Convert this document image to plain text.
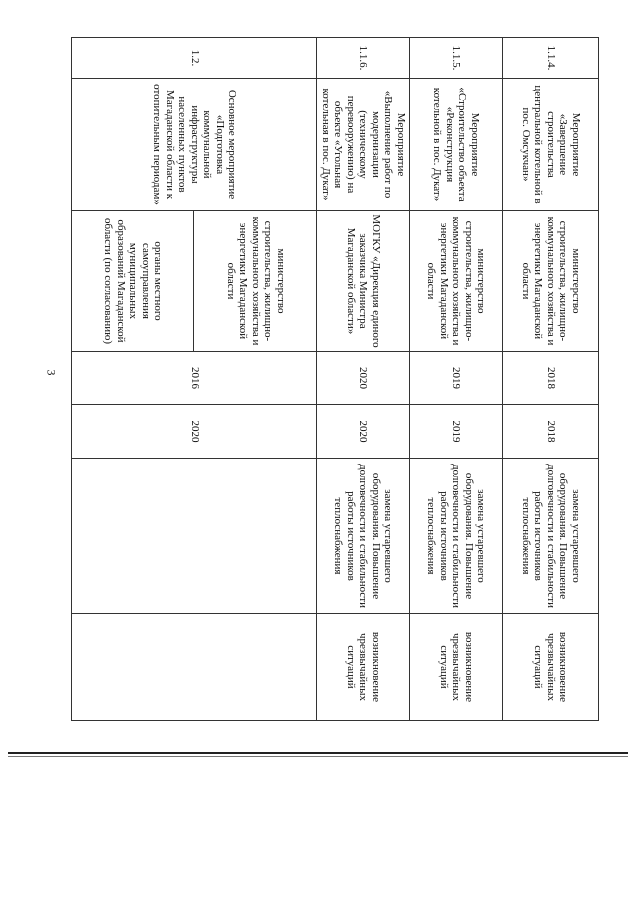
3
1.1.4.	Мероприятие «Завершение строительства центральной котельной в пос. Омсукчан»	министерство строительства, жилищно-коммунального хозяйства и энергетики Магаданской области	2018	2018	замена устаревшего оборудования. Повышение долговечности и стабильности работы источников теплоснабжения	возникновение чрезвычайных ситуаций
1.1.5.	Мероприятие «Строительство объекта «Реконструкция котельной в пос. Дукат»	министерство строительства, жилищно-коммунального хозяйства и энергетики Магаданской области	2019	2019	замена устаревшего оборудования. Повышение долговечности и стабильности работы источников теплоснабжения	возникновение чрезвычайных ситуаций
1.1.6.	Мероприятие «Выполнение работ по модернизации (техническому перевооружению) на объекте «Угольная котельная в пос. Дукат»	МОГКУ «Дирекция единого заказчика Министра Магаданской области»	2020	2020	замена устаревшего оборудования. Повышение долговечности и стабильности работы источников теплоснабжения	возникновение чрезвычайных ситуаций
1.2.	Основное мероприятие «Подготовка коммунальной инфраструктуры населенных пунктов Магаданской области к отопительным периодам»	министерство строительства, жилищно-коммунального хозяйства и энергетики Магаданской области	2016	2020		
		органы местного самоуправления муниципальных образований Магаданской области (по согласованию)				
